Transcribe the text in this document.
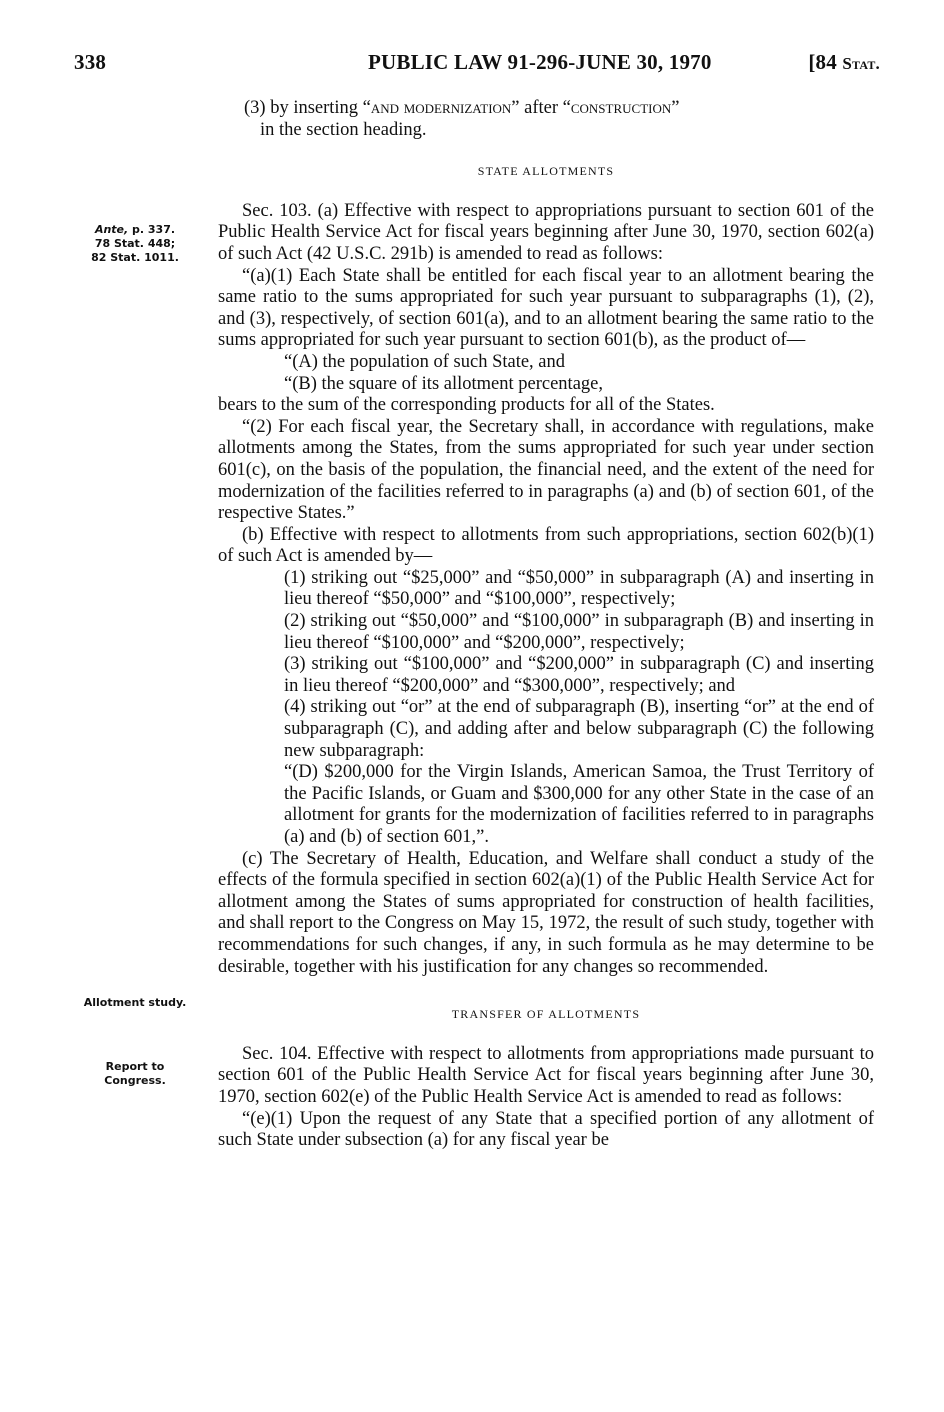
338	PUBLIC LAW 91-296-JUNE 30, 1970	[84 Stat.
Ante, p. 337.
78 Stat. 448;
82 Stat. 1011.
Allotment study.
Report to
Congress.

(3) by inserting “and modernization” after “construction”

in the section heading.

STATE ALLOTMENTS

Sec. 103. (a) Effective with respect to appropriations pursuant to section 601 of the Public Health Service Act for fiscal years beginning after June 30, 1970, section 602(a) of such Act (42 U.S.C. 291b) is amended to read as follows:

“(a)(1) Each State shall be entitled for each fiscal year to an allotment bearing the same ratio to the sums appropriated for such year pursuant to subparagraphs (1), (2), and (3), respectively, of section 601(a), and to an allotment bearing the same ratio to the sums appropriated for such year pursuant to section 601(b), as the product of—

“(A) the population of such State, and

“(B) the square of its allotment percentage,

bears to the sum of the corresponding products for all of the States.

“(2) For each fiscal year, the Secretary shall, in accordance with regulations, make allotments among the States, from the sums appropriated for such year under section 601(c), on the basis of the population, the financial need, and the extent of the need for modernization of the facilities referred to in paragraphs (a) and (b) of section 601, of the respective States.”

(b) Effective with respect to allotments from such appropriations, section 602(b)(1) of such Act is amended by—

(1) striking out “$25,000” and “$50,000” in subparagraph (A) and inserting in lieu thereof “$50,000” and “$100,000”, respectively;

(2) striking out “$50,000” and “$100,000” in subparagraph (B) and inserting in lieu thereof “$100,000” and “$200,000”, respectively;

(3) striking out “$100,000” and “$200,000” in subparagraph (C) and inserting in lieu thereof “$200,000” and “$300,000”, respectively; and

(4) striking out “or” at the end of subparagraph (B), inserting “or” at the end of subparagraph (C), and adding after and below subparagraph (C) the following new subparagraph:

“(D) $200,000 for the Virgin Islands, American Samoa, the Trust Territory of the Pacific Islands, or Guam and $300,000 for any other State in the case of an allotment for grants for the modernization of facilities referred to in paragraphs (a) and (b) of section 601,”.

(c) The Secretary of Health, Education, and Welfare shall conduct a study of the effects of the formula specified in section 602(a)(1) of the Public Health Service Act for allotment among the States of sums appropriated for construction of health facilities, and shall report to the Congress on May 15, 1972, the result of such study, together with recommendations for such changes, if any, in such formula as he may determine to be desirable, together with his justification for any changes so recommended.

TRANSFER OF ALLOTMENTS

Sec. 104. Effective with respect to allotments from appropriations made pursuant to section 601 of the Public Health Service Act for fiscal years beginning after June 30, 1970, section 602(e) of the Public Health Service Act is amended to read as follows:

“(e)(1) Upon the request of any State that a specified portion of any allotment of such State under subsection (a) for any fiscal year be
